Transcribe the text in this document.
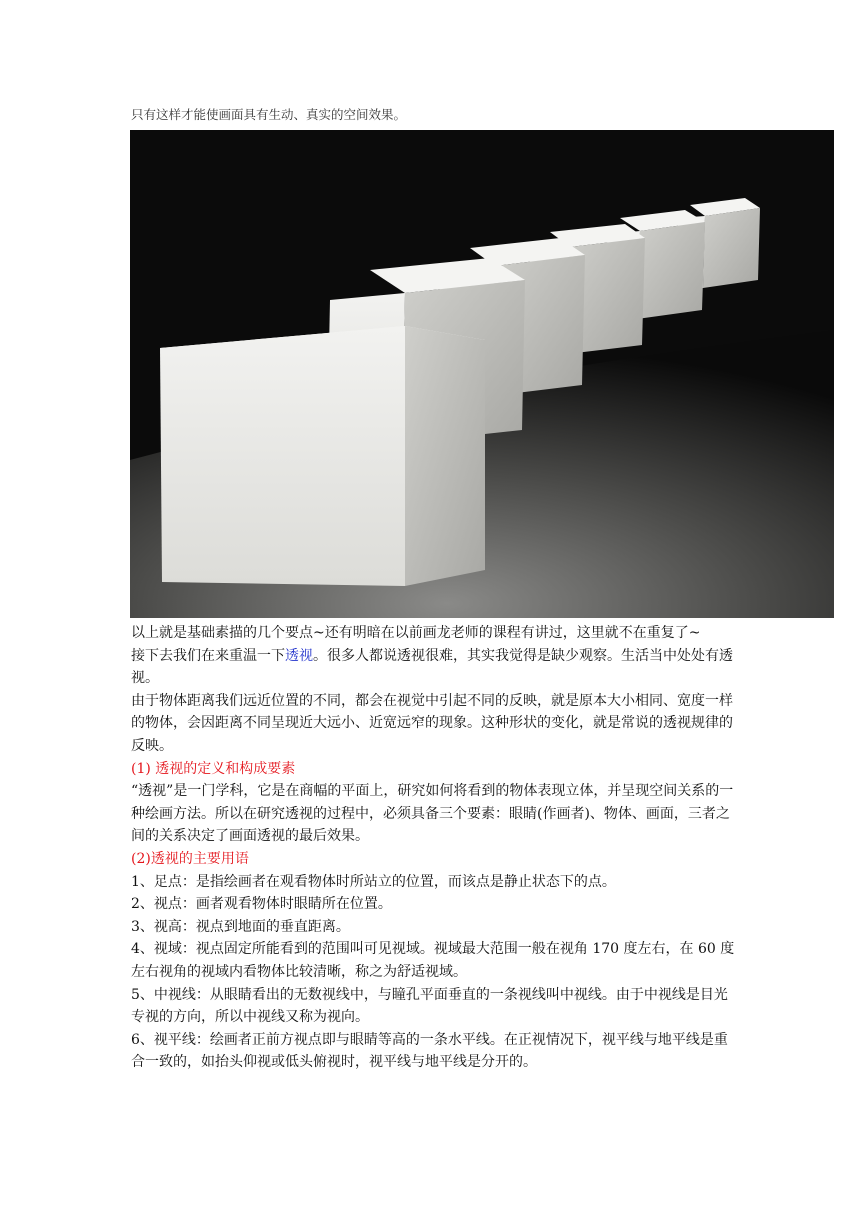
只有这样才能使画面具有生动、真实的空间效果。

以上就是基础素描的几个要点~还有明暗在以前画龙老师的课程有讲过，这里就不在重复了~

接下去我们在来重温一下透视。很多人都说透视很难，其实我觉得是缺少观察。生活当中处处有透视。

由于物体距离我们远近位置的不同，都会在视觉中引起不同的反映，就是原本大小相同、宽度一样的物体，会因距离不同呈现近大远小、近宽远窄的现象。这种形状的变化，就是常说的透视规律的反映。

(1) 透视的定义和构成要素

“透视”是一门学科，它是在商幅的平面上，研究如何将看到的物体表现立体，并呈现空间关系的一种绘画方法。所以在研究透视的过程中，必须具备三个要素：眼睛(作画者)、物体、画面，三者之间的关系决定了画面透视的最后效果。

(2)透视的主要用语

1、足点：是指绘画者在观看物体时所站立的位置，而该点是静止状态下的点。

2、视点：画者观看物体时眼睛所在位置。

3、视高：视点到地面的垂直距离。

4、视域：视点固定所能看到的范围叫可见视域。视域最大范围一般在视角 170 度左右，在 60 度左右视角的视域内看物体比较清晰，称之为舒适视域。

5、中视线：从眼睛看出的无数视线中，与瞳孔平面垂直的一条视线叫中视线。由于中视线是目光专视的方向，所以中视线又称为视向。

6、视平线：绘画者正前方视点即与眼睛等高的一条水平线。在正视情况下，视平线与地平线是重合一致的，如抬头仰视或低头俯视时，视平线与地平线是分开的。
